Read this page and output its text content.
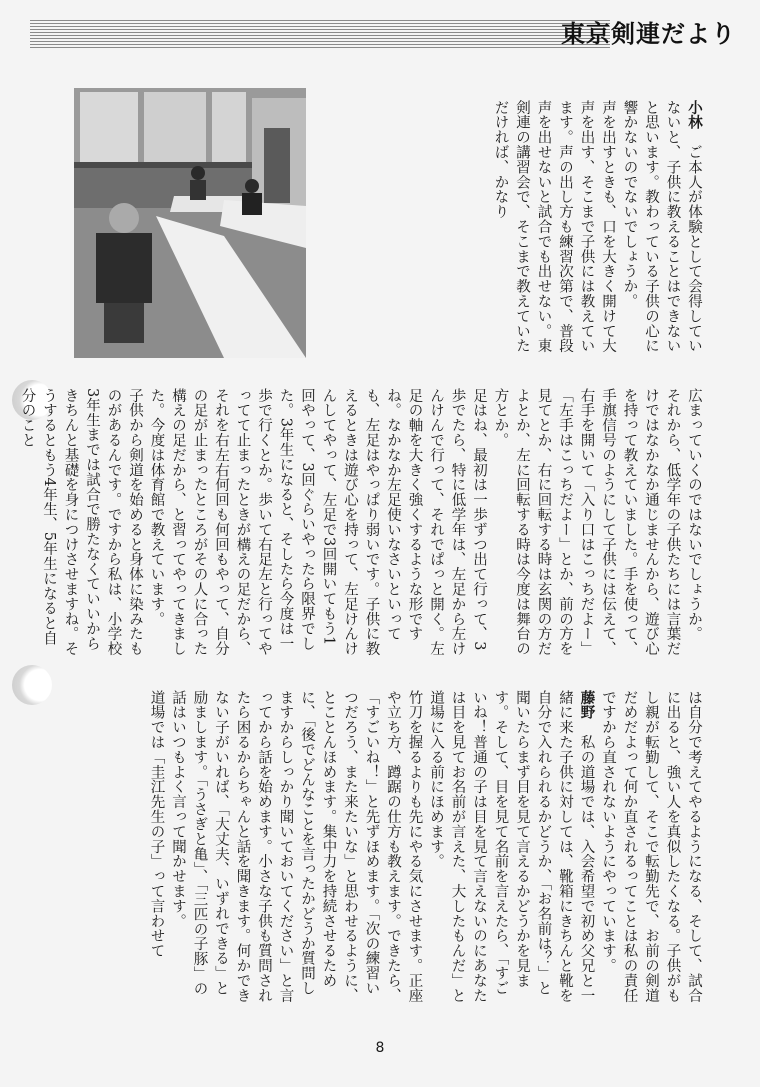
東京剣連だより
小林　ご本人が体験として会得していないと、子供に教えることはできないと思います。教わっている子供の心に響かないのでないでしょうか。
声を出すときも、口を大きく開けて大声を出す、そこまで子供には教えています。声の出し方も練習次第で、普段声を出せないと試合でも出せない。東剣連の講習会で、そこまで教えていただければ、かなり
広まっていくのではないでしょうか。
それから、低学年の子供たちには言葉だけではなかなか通じませんから、遊び心を持って教えていました。手を使って、手旗信号のようにして子供には伝えて、右手を開いて「入り口はこっちだよー」「左手はこっちだよー」とか、前の方を見てとか、右に回転する時は玄関の方だよとか、左に回転する時は今度は舞台の方とか。
足はね、最初は一歩ずつ出て行って、3歩でたら、特に低学年は、左足から左けんけんで行って、それでぱっと開く。左足の軸を大きく強くするような形ですね。なかなか左足使いなさいといっても、左足はやっぱり弱いです。子供に教えるときは遊び心を持って、左足けんけんしてやって、左足で3回開いてもう1回やって、3回ぐらいやったら限界でした。3年生になると、そしたら今度は一歩で行くとか。歩いて右足左と行ってやってて止まったときが構えの足だから、それを右左右何回も何回もやって、自分の足が止まったところがその人に合った構えの足だから、と習ってやってきました。今度は体育館で教えています。
子供から剣道を始めると身体に染みたものがあるんです。ですから私は、小学校3年生までは試合で勝たなくていいからきちんと基礎を身につけさせますね。そうするともう4年生、5年生になると自分のこと
は自分で考えてやるようになる、そして、試合に出ると、強い人を真似したくなる。子供がもし親が転勤して、そこで転勤先で、お前の剣道だめだよって何か直されるってことは私の責任ですから直されないようにやっています。
藤野　私の道場では、入会希望で初め父兄と一緒に来た子供に対しては、靴箱にきちんと靴を自分で入れられるかどうか、「お名前は？」と聞いたらまず目を見て言えるかどうかを見ます。そして、目を見て名前を言えたら、「すごいね！普通の子は目を見て言えないのにあなたは目を見てお名前が言えた、大したもんだ」と道場に入る前にほめます。
竹刀を握るよりも先にやる気にさせます。正座や立ち方、蹲踞の仕方も教えます。できたら、「すごいね！」と先ずほめます。「次の練習いつだろう、また来たいな」と思わせるように、とことんほめます。集中力を持続させるために、「後でどんなことを言ったかどうか質問しますからしっかり聞いておいてください」と言ってから話を始めます。小さな子供も質問されたら困るからちゃんと話を聞きます。何かできない子がいれば、「大丈夫、いずれできる」と励まします。「うさぎと亀」、「三匹の子豚」の話はいつもよく言って聞かせます。
道場では「圭江先生の子」って言わせて
8
